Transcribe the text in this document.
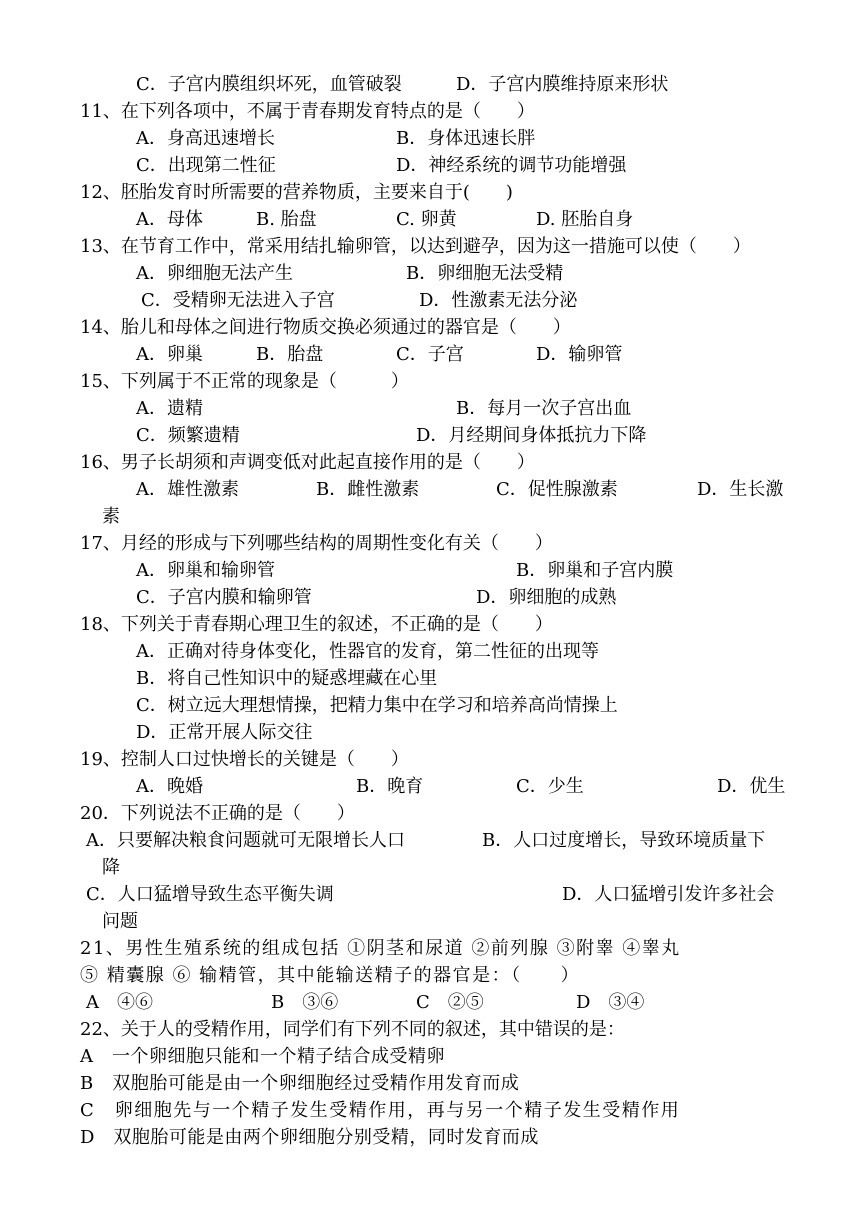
C．子宫内膜组织坏死，血管破裂	D．子宫内膜维持原来形状
11、在下列各项中，不属于青春期发育特点的是（　　）
A．身高迅速增长	B．身体迅速长胖
C．出现第二性征	D．神经系统的调节功能增强
12、胚胎发育时所需要的营养物质，主要来自于(　　)
A．母体	B. 胎盘	C. 卵黄	D. 胚胎自身
13、在节育工作中，常采用结扎输卵管，以达到避孕，因为这一措施可以使（　　）
A．卵细胞无法产生	B．卵细胞无法受精
C．受精卵无法进入子宫	D．性激素无法分泌
14、胎儿和母体之间进行物质交换必须通过的器官是（　　）
A．卵巢	B．胎盘	C．子宫	D．输卵管
15、下列属于不正常的现象是（　　　）
A．遗精	B．每月一次子宫出血
C．频繁遗精	D．月经期间身体抵抗力下降
16、男子长胡须和声调变低对此起直接作用的是（　　）
A．雄性激素	B．雌性激素	C．促性腺激素	D．生长激
素
17、月经的形成与下列哪些结构的周期性变化有关（　　）
A．卵巢和输卵管	B．卵巢和子宫内膜
C．子宫内膜和输卵管	D．卵细胞的成熟
18、下列关于青春期心理卫生的叙述，不正确的是（　　）
A．正确对待身体变化，性器官的发育，第二性征的出现等
B．将自己性知识中的疑惑埋藏在心里
C．树立远大理想情操，把精力集中在学习和培养高尚情操上
D．正常开展人际交往
19、控制人口过快增长的关键是（　　）
A．晚婚	B．晚育	C．少生	D．优生
20．下列说法不正确的是（　　）
A．只要解决粮食问题就可无限增长人口	B．人口过度增长，导致环境质量下
降
C．人口猛增导致生态平衡失调	D．人口猛增引发许多社会
问题
21、男性生殖系统的组成包括 ①阴茎和尿道 ②前列腺 ③附睾 ④睾丸
⑤ 精囊腺 ⑥ 输精管，其中能输送精子的器官是：（　　）
A　④⑥	B　③⑥	C　②⑤	D　③④
22、关于人的受精作用，同学们有下列不同的叙述，其中错误的是：
A　一个卵细胞只能和一个精子结合成受精卵
B　双胞胎可能是由一个卵细胞经过受精作用发育而成
C　卵细胞先与一个精子发生受精作用，再与另一个精子发生受精作用
D　双胞胎可能是由两个卵细胞分别受精，同时发育而成
